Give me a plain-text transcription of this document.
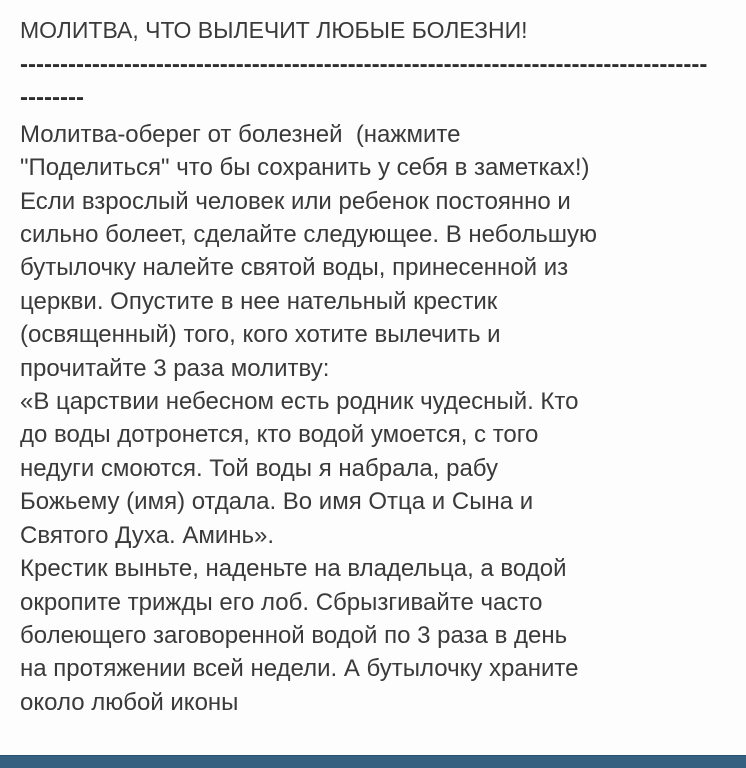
МОЛИТВА, ЧТО ВЫЛЕЧИТ ЛЮБЫЕ БОЛЕЗНИ!
--------------------------------------------------------------------------------------
--------
Молитва-оберег от болезней  (нажмите
"Поделиться" что бы сохранить у себя в заметках!)
Если взрослый человек или ребенок постоянно и
сильно болеет, сделайте следующее. В небольшую
бутылочку налейте святой воды, принесенной из
церкви. Опустите в нее нательный крестик
(освященный) того, кого хотите вылечить и
прочитайте 3 раза молитву:
«В царствии небесном есть родник чудесный. Кто
до воды дотронется, кто водой умоется, с того
недуги смоются. Той воды я набрала, рабу
Божьему (имя) отдала. Во имя Отца и Сына и
Святого Духа. Аминь».
Крестик выньте, наденьте на владельца, а водой
окропите трижды его лоб. Сбрызгивайте часто
болеющего заговоренной водой по 3 раза в день
на протяжении всей недели. А бутылочку храните
около любой иконы
